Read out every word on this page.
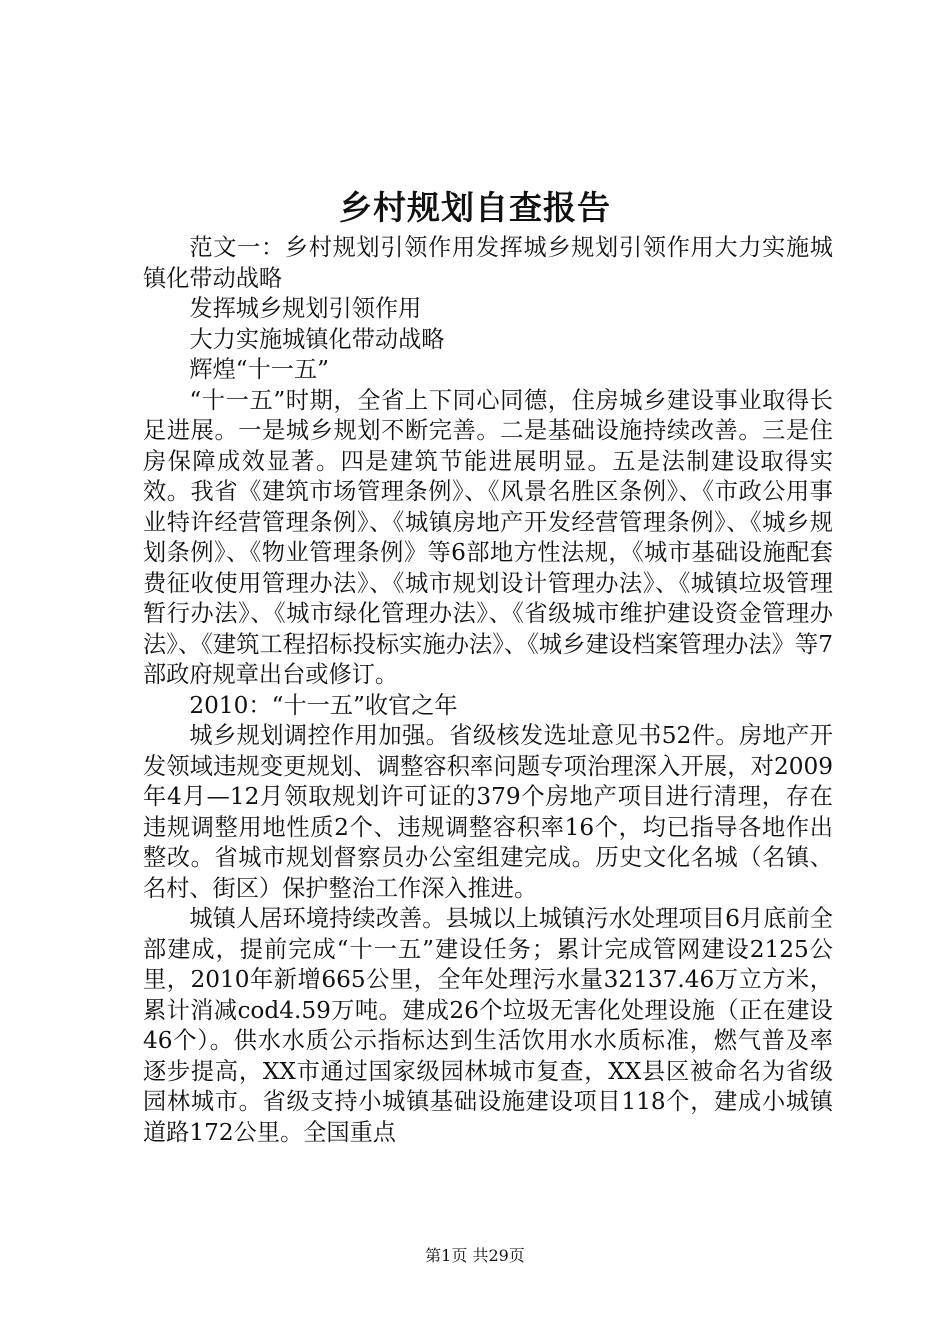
乡村规划自查报告

范文一：乡村规划引领作用发挥城乡规划引领作用大力实施城镇化带动战略

发挥城乡规划引领作用

大力实施城镇化带动战略

辉煌“十一五”

“十一五”时期，全省上下同心同德，住房城乡建设事业取得长足进展。一是城乡规划不断完善。二是基础设施持续改善。三是住房保障成效显著。四是建筑节能进展明显。五是法制建设取得实效。我省《建筑市场管理条例》、《风景名胜区条例》、《市政公用事业特许经营管理条例》、《城镇房地产开发经营管理条例》、《城乡规划条例》、《物业管理条例》等6部地方性法规，《城市基础设施配套费征收使用管理办法》、《城市规划设计管理办法》、《城镇垃圾管理暂行办法》、《城市绿化管理办法》、《省级城市维护建设资金管理办法》、《建筑工程招标投标实施办法》、《城乡建设档案管理办法》等7部政府规章出台或修订。

2010：“十一五”收官之年

城乡规划调控作用加强。省级核发选址意见书52件。房地产开发领域违规变更规划、调整容积率问题专项治理深入开展，对2009年4月—12月领取规划许可证的379个房地产项目进行清理，存在违规调整用地性质2个、违规调整容积率16个，均已指导各地作出整改。省城市规划督察员办公室组建完成。历史文化名城（名镇、名村、街区）保护整治工作深入推进。

城镇人居环境持续改善。县城以上城镇污水处理项目6月底前全部建成，提前完成“十一五”建设任务；累计完成管网建设2125公里，2010年新增665公里，全年处理污水量32137.46万立方米，累计消减cod4.59万吨。建成26个垃圾无害化处理设施（正在建设46个）。供水水质公示指标达到生活饮用水水质标准，燃气普及率逐步提高，XX市通过国家级园林城市复查，XX县区被命名为省级园林城市。省级支持小城镇基础设施建设项目118个，建成小城镇道路172公里。全国重点

第1页 共29页
